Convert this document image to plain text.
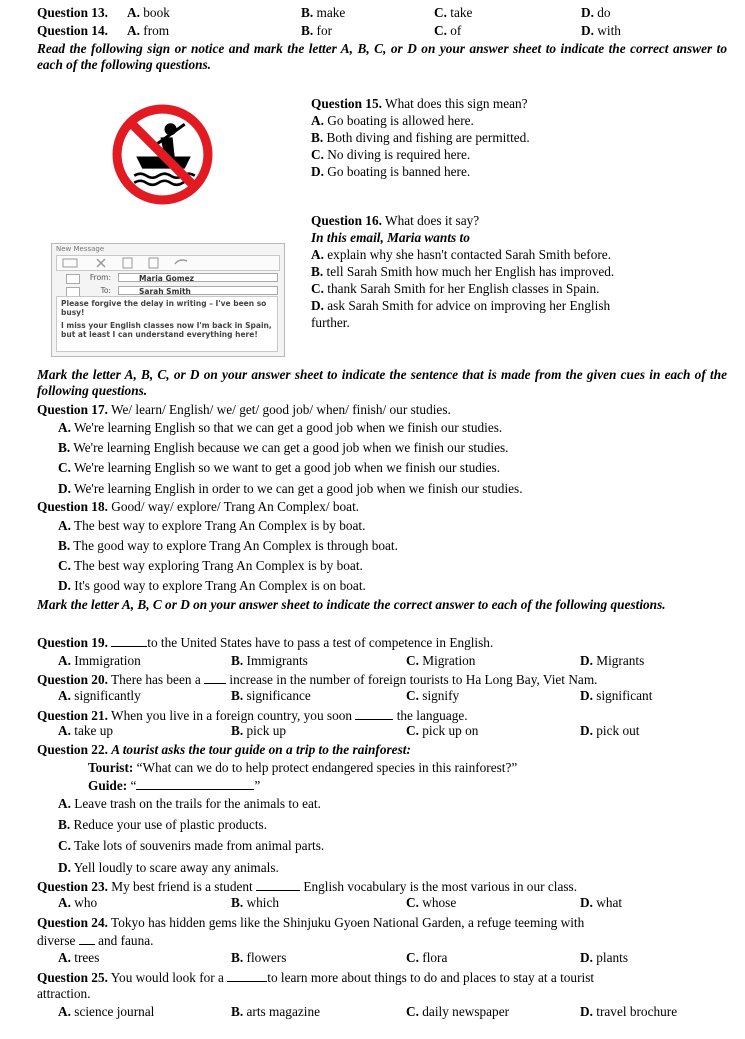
Question 13. A. book	B. make	C. take	D. do
Question 14. A. from	B. for	C. of	D. with
Read the following sign or notice and mark the letter A, B, C, or D on your answer sheet to indicate the correct answer to each of the following questions.
Question 15. What does this sign mean?
A. Go boating is allowed here.
B. Both diving and fishing are permitted.
C. No diving is required here.
D. Go boating is banned here.
New Message
From:	Maria Gomez
To:	Sarah Smith

Please forgive the delay in writing – I've been so busy!

I miss your English classes now I'm back in Spain, but at least I can understand everything here!

Question 16. What does it say?
In this email, Maria wants to
A. explain why she hasn't contacted Sarah Smith before.
B. tell Sarah Smith how much her English has improved.
C. thank Sarah Smith for her English classes in Spain.
D. ask Sarah Smith for advice on improving her English
further.
Mark the letter A, B, C, or D on your answer sheet to indicate the sentence that is made from the given cues in each of the following questions.
Question 17. We/ learn/ English/ we/ get/ good job/ when/ finish/ our studies.
A. We're learning English so that we can get a good job when we finish our studies.
B. We're learning English because we can get a good job when we finish our studies.
C. We're learning English so we want to get a good job when we finish our studies.
D. We're learning English in order to we can get a good job when we finish our studies.
Question 18. Good/ way/ explore/ Trang An Complex/ boat.
A. The best way to explore Trang An Complex is by boat.
B. The good way to explore Trang An Complex is through boat.
C. The best way exploring Trang An Complex is by boat.
D. It's good way to explore Trang An Complex is on boat.
Mark the letter A, B, C or D on your answer sheet to indicate the correct answer to each of the following questions.
Question 19.	to the United States have to pass a test of competence in English.
A. Immigration	B. Immigrants	C. Migration	D. Migrants
Question 20. There has been a increase in the number of foreign tourists to Ha Long Bay, Viet Nam.
A. significantly	B. significance	C. signify	D. significant
Question 21. When you live in a foreign country, you soon	the language.
A. take up	B. pick up	C. pick up on	D. pick out
Question 22. A tourist asks the tour guide on a trip to the rainforest:
Tourist: “What can we do to help protect endangered species in this rainforest?”
Guide: “	”
A. Leave trash on the trails for the animals to eat.
B. Reduce your use of plastic products.
C. Take lots of souvenirs made from animal parts.
D. Yell loudly to scare away any animals.
Question 23. My best friend is a student	English vocabulary is the most various in our class.
A. who	B. which	C. whose	D. what
Question 24. Tokyo has hidden gems like the Shinjuku Gyoen National Garden, a refuge teeming with
diverse and fauna.
A. trees	B. flowers	C. flora	D. plants
Question 25. You would look for a	to learn more about things to do and places to stay at a tourist
attraction.
A. science journal	B. arts magazine	C. daily newspaper	D. travel brochure
